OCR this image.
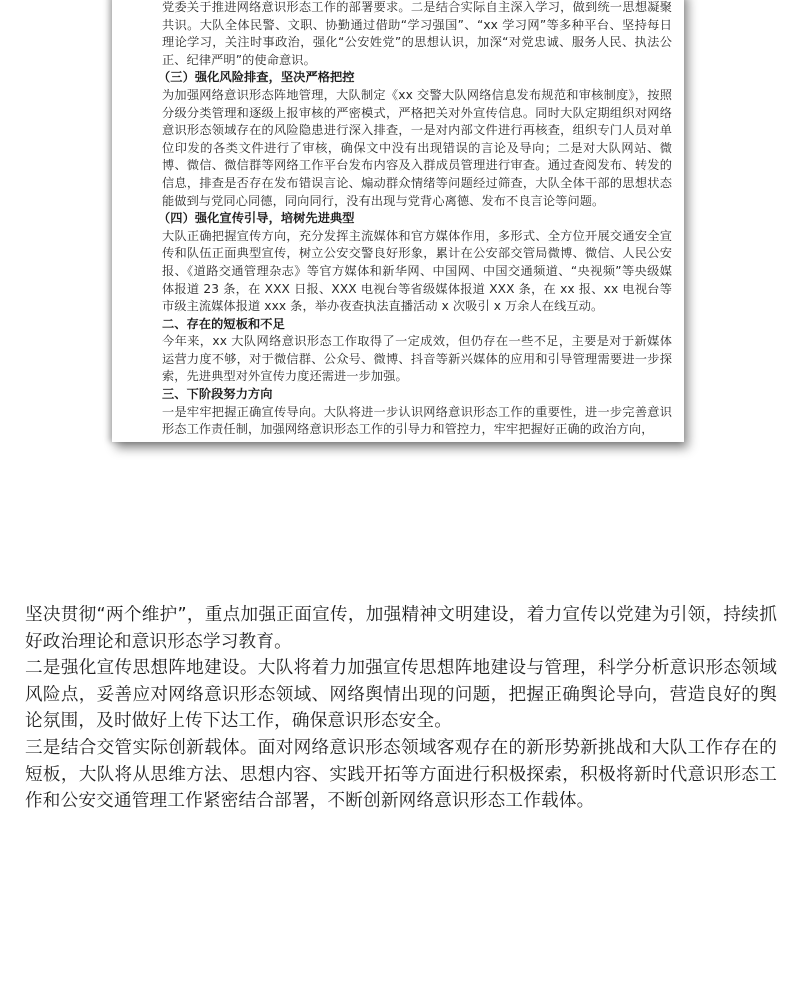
党委关于推进网络意识形态工作的部署要求。二是结合实际自主深入学习，做到统一思想凝聚共识。大队全体民警、文职、协勤通过借助“学习强国”、“xx 学习网”等多种平台、坚持每日理论学习，关注时事政治，强化“公安姓党”的思想认识，加深“对党忠诚、服务人民、执法公正、纪律严明”的使命意识。

（三）强化风险排查，坚决严格把控

为加强网络意识形态阵地管理，大队制定《xx 交警大队网络信息发布规范和审核制度》，按照分级分类管理和逐级上报审核的严密模式，严格把关对外宣传信息。同时大队定期组织对网络意识形态领域存在的风险隐患进行深入排查，一是对内部文件进行再核查，组织专门人员对单位印发的各类文件进行了审核，确保文中没有出现错误的言论及导向；二是对大队网站、微博、微信、微信群等网络工作平台发布内容及入群成员管理进行审查。通过查阅发布、转发的信息，排查是否存在发布错误言论、煽动群众情绪等问题经过筛查，大队全体干部的思想状态能做到与党同心同德，同向同行，没有出现与党背心离德、发布不良言论等问题。

（四）强化宣传引导，培树先进典型

大队正确把握宣传方向，充分发挥主流媒体和官方媒体作用，多形式、全方位开展交通安全宣传和队伍正面典型宣传，树立公安交警良好形象，累计在公安部交管局微博、微信、人民公安报、《道路交通管理杂志》等官方媒体和新华网、中国网、中国交通频道、“央视频”等央级媒体报道 23 条，在 XXX 日报、XXX 电视台等省级媒体报道 XXX 条，在 xx 报、xx 电视台等市级主流媒体报道 xxx 条，举办夜查执法直播活动 x 次吸引 x 万余人在线互动。

二、存在的短板和不足

今年来，xx 大队网络意识形态工作取得了一定成效，但仍存在一些不足，主要是对于新媒体运营力度不够，对于微信群、公众号、微博、抖音等新兴媒体的应用和引导管理需要进一步探索，先进典型对外宣传力度还需进一步加强。

三、下阶段努力方向

一是牢牢把握正确宣传导向。大队将进一步认识网络意识形态工作的重要性，进一步完善意识形态工作责任制，加强网络意识形态工作的引导力和管控力，牢牢把握好正确的政治方向，

坚决贯彻“两个维护”，重点加强正面宣传，加强精神文明建设，着力宣传以党建为引领，持续抓好政治理论和意识形态学习教育。

二是强化宣传思想阵地建设。大队将着力加强宣传思想阵地建设与管理，科学分析意识形态领域风险点，妥善应对网络意识形态领域、网络舆情出现的问题，把握正确舆论导向，营造良好的舆论氛围，及时做好上传下达工作，确保意识形态安全。

三是结合交管实际创新载体。面对网络意识形态领域客观存在的新形势新挑战和大队工作存在的短板，大队将从思维方法、思想内容、实践开拓等方面进行积极探索，积极将新时代意识形态工作和公安交通管理工作紧密结合部署，不断创新网络意识形态工作载体。
